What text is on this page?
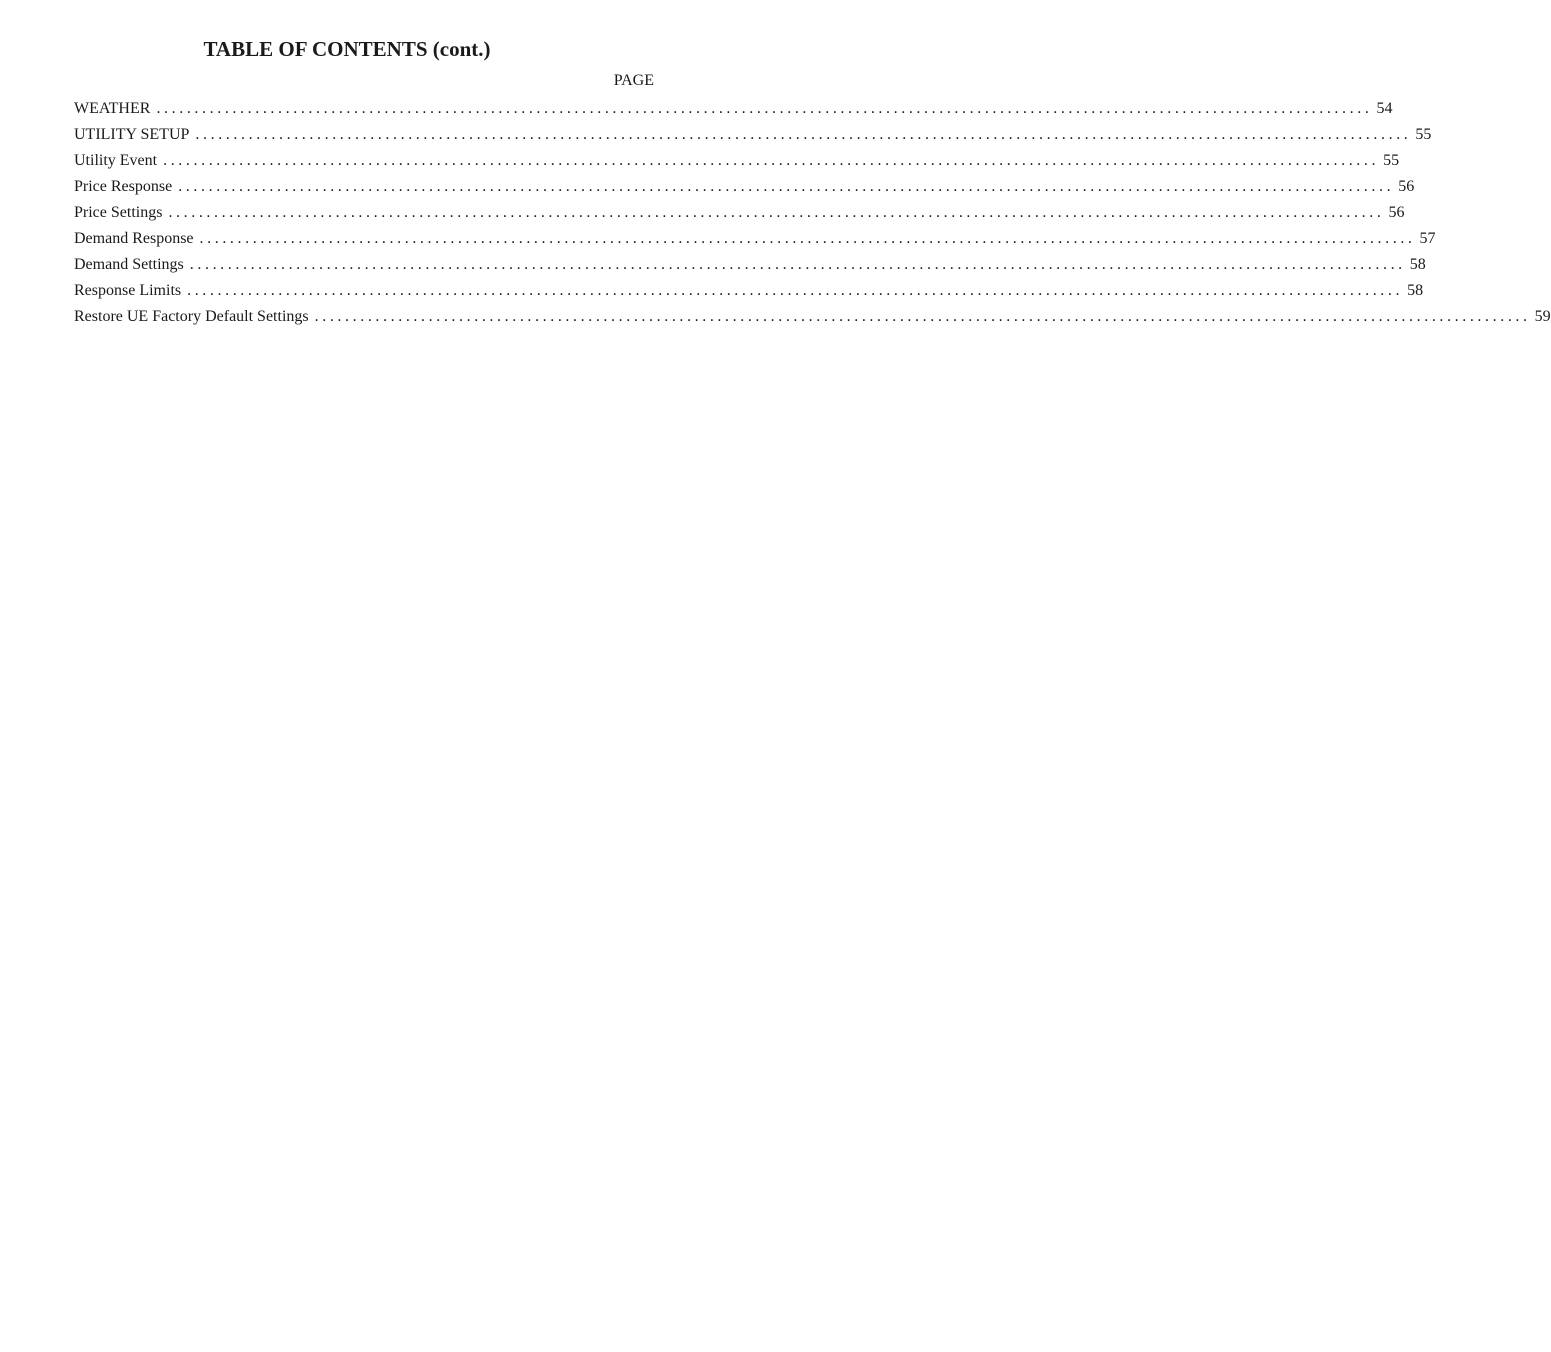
TABLE OF CONTENTS (cont.)
PAGE
WEATHER ................................................................................................................................................................ 54
UTILITY SETUP ................................................................................................................................................................ 55
Utility Event ................................................................................................................................................................ 55
Price Response ................................................................................................................................................................ 56
Price Settings ................................................................................................................................................................ 56
Demand Response ................................................................................................................................................................ 57
Demand Settings ................................................................................................................................................................ 58
Response Limits ................................................................................................................................................................ 58
Restore UE Factory Default Settings ................................................................................................................................................................ 59
